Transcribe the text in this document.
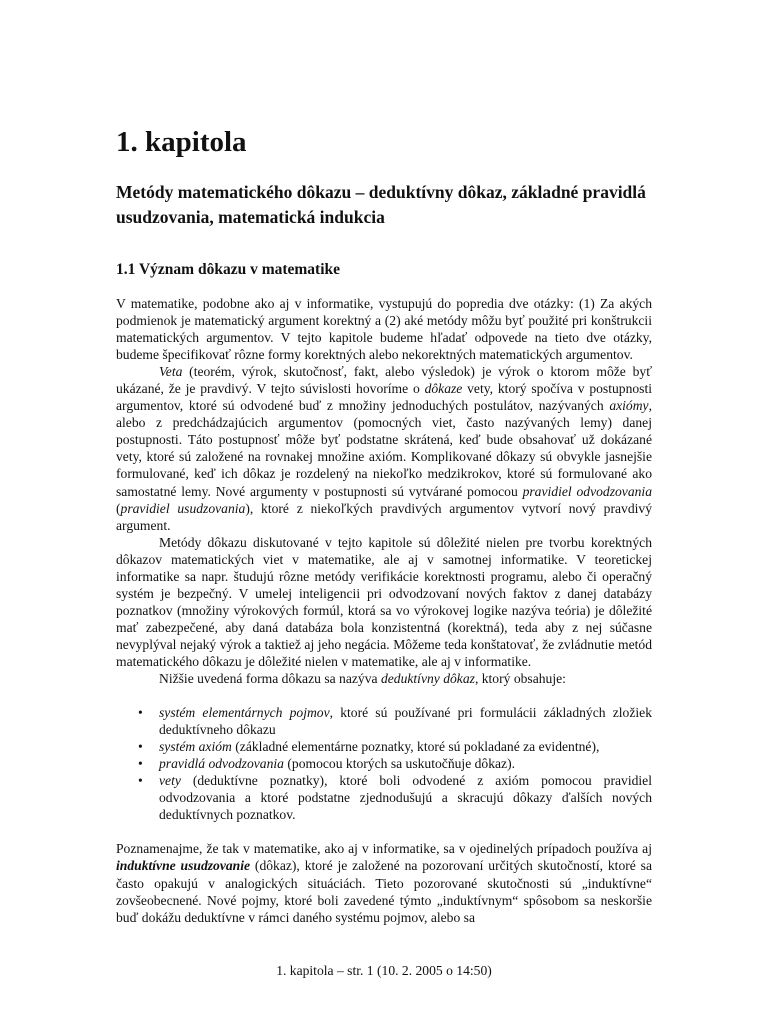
1. kapitola
Metódy matematického dôkazu – deduktívny dôkaz, základné pravidlá usudzovania, matematická indukcia
1.1 Význam dôkazu v matematike

V matematike, podobne ako aj v informatike, vystupujú do popredia dve otázky: (1) Za akých podmienok je matematický argument korektný a (2) aké metódy môžu byť použité pri konštrukcii matematických argumentov. V tejto kapitole budeme hľadať odpovede na tieto dve otázky, budeme špecifikovať rôzne formy korektných alebo nekorektných matematických argumentov.

Veta (teorém, výrok, skutočnosť, fakt, alebo výsledok) je výrok o ktorom môže byť ukázané, že je pravdivý. V tejto súvislosti hovoríme o dôkaze vety, ktorý spočíva v postupnosti argumentov, ktoré sú odvodené buď z množiny jednoduchých postulátov, nazývaných axiómy, alebo z predchádzajúcich argumentov (pomocných viet, často nazývaných lemy) danej postupnosti. Táto postupnosť môže byť podstatne skrátená, keď bude obsahovať už dokázané vety, ktoré sú založené na rovnakej množine axióm. Komplikované dôkazy sú obvykle jasnejšie formulované, keď ich dôkaz je rozdelený na niekoľko medzikrokov, ktoré sú formulované ako samostatné lemy. Nové argumenty v postupnosti sú vytvárané pomocou pravidiel odvodzovania (pravidiel usudzovania), ktoré z niekoľkých pravdivých argumentov vytvorí nový pravdivý argument.

Metódy dôkazu diskutované v tejto kapitole sú dôležité nielen pre tvorbu korektných dôkazov matematických viet v matematike, ale aj v samotnej informatike. V teoretickej informatike sa napr. študujú rôzne metódy verifikácie korektnosti programu, alebo či operačný systém je bezpečný. V umelej inteligencii pri odvodzovaní nových faktov z danej databázy poznatkov (množiny výrokových formúl, ktorá sa vo výrokovej logike nazýva teória) je dôležité mať zabezpečené, aby daná databáza bola konzistentná (korektná), teda aby z nej súčasne nevyplýval nejaký výrok a taktiež aj jeho negácia. Môžeme teda konštatovať, že zvládnutie metód matematického dôkazu je dôležité nielen v matematike, ale aj v informatike.

Nižšie uvedená forma dôkazu sa nazýva deduktívny dôkaz, ktorý obsahuje:

• systém elementárnych pojmov, ktoré sú používané pri formulácii základných zložiek deduktívneho dôkazu
• systém axióm (základné elementárne poznatky, ktoré sú pokladané za evidentné),
• pravidlá odvodzovania (pomocou ktorých sa uskutočňuje dôkaz).
• vety (deduktívne poznatky), ktoré boli odvodené z axióm pomocou pravidiel odvodzovania a ktoré podstatne zjednodušujú a skracujú dôkazy ďalších nových deduktívnych poznatkov.

Poznamenajme, že tak v matematike, ako aj v informatike, sa v ojedinelých prípadoch používa aj induktívne usudzovanie (dôkaz), ktoré je založené na pozorovaní určitých skutočností, ktoré sa často opakujú v analogických situáciách. Tieto pozorované skutočnosti sú „induktívne“ zovšeobecnené. Nové pojmy, ktoré boli zavedené týmto „induktívnym“ spôsobom sa neskoršie buď dokážu deduktívne v rámci daného systému pojmov, alebo sa

1. kapitola – str. 1 (10. 2. 2005 o 14:50)
